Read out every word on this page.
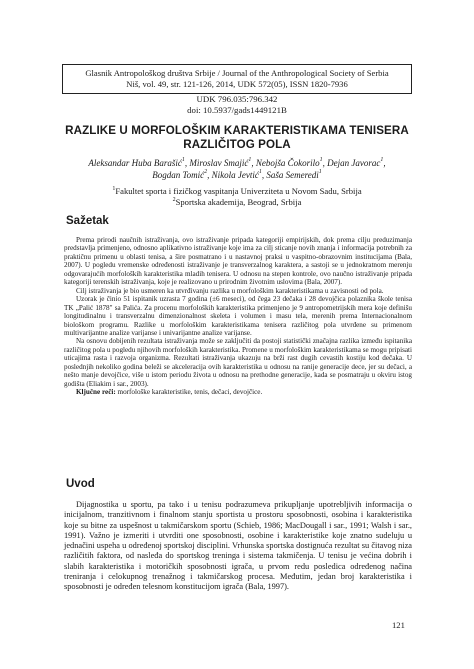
Glasnik Antropološkog društva Srbije / Journal of the Anthropological Society of Serbia
Niš, vol. 49, str. 121-126, 2014, UDK 572(05), ISSN 1820-7936
UDK 796.035:796.342
doi: 10.5937/gads1449121B
RAZLIKE U MORFOLOŠKIM KARAKTERISTIKAMA TENISERA
RAZLIČITOG POLA
Aleksandar Huba Barašić$^1$, Miroslav Smajić$^1$, Nebojša Čokorilo$^1$, Dejan Javorac$^1$,
Bogdan Tomić$^2$, Nikola Jevtić$^1$, Saša Semeredi$^1$
$^1$Fakultet sporta i fizičkog vaspitanja Univerziteta u Novom Sadu, Srbija
$^2$Sportska akademija, Beograd, Srbija
Sažetak

Prema prirodi naučnih istraživanja, ovo istraživanje pripada kategoriji empirijskih, dok prema cilju preduzimanja predstavlja primenjeno, odnosno aplikativno istraživanje koje ima za cilj sticanje novih znanja i informacija potrebnih za praktičnu primenu u oblasti tenisa, a šire posmatrano i u nastavnoj praksi u vaspitno-obrazovnim institucijama (Bala, 2007). U pogledu vremenske određenosti istraživanje je transverzalnog karaktera, a sastoji se u jednokratnom merenju odgovarajućih morfoloških karakteristika mladih tenisera. U odnosu na stepen kontrole, ovo naučno istraživanje pripada kategoriji terenskih istraživanja, koje je realizovano u prirodnim životnim uslovima (Bala, 2007).

Cilj istraživanja je bio usmeren ka utvrđivanju razlika u morfološkim karakteristikama u zavisnosti od pola.

Uzorak je činio 51 ispitanik uzrasta 7 godina (±6 meseci), od čega 23 dečaka i 28 devojčica polaznika škole tenisa TK „Palić 1878" sa Palića. Za procenu morfoloških karakteristika primenjeno je 9 antropometrijskih mera koje definišu longitudinalnu i transverzalnu dimenzionalnost skeleta i volumen i masu tela, merenih prema Internacionalnom biološkom programu. Razlike u morfološkim karakteristikama tenisera različitog pola utvrđene su primenom multivarijantne analize varijanse i univarijantne analize varijanse.

Na osnovu dobijenih rezultata istraživanja može se zaključiti da postoji statistički značajna razlika između ispitanika različitog pola u pogledu njihovih morfoloških karakteristika. Promene u morfološkim karakteristikama se mogu pripisati uticajima rasta i razvoja organizma. Rezultati istraživanja ukazuju na brži rast dugih cevastih kostiju kod dečaka. U poslednjih nekoliko godina beleži se akceleracija ovih karakteristika u odnosu na ranije generacije dece, jer su dečaci, a nešto manje devojčice, više u istom periodu života u odnosu na prethodne generacije, kada se posmatraju u okviru istog godišta (Eliakim i sar., 2003).

Ključne reči: morfološke karakteristike, tenis, dečaci, devojčice.

Uvod

Dijagnostika u sportu, pa tako i u tenisu podrazumeva prikupljanje upotrebljivih informacija o inicijalnom, tranzitivnom i finalnom stanju sportista u prostoru sposobnosti, osobina i karakteristika koje su bitne za uspešnost u takmičarskom sportu (Schieb, 1986; MacDougall i sar., 1991; Walsh i sar., 1991). Važno je izmeriti i utvrditi one sposobnosti, osobine i karakteristike koje znatno sudeluju u jednačini uspeha u određenoj sportskoj disciplini. Vrhunska sportska dostignuća rezultat su čitavog niza različitih faktora, od nasleđa do sportskog treninga i sistema takmičenja. U tenisu je većina dobrih i slabih karakteristika i motoričkih sposobnosti igrača, u prvom redu posledica određenog načina treniranja i celokupnog trenažnog i takmičarskog procesa. Međutim, jedan broj karakteristika i sposobnosti je određen telesnom konstitucijom igrača (Bala, 1997).

121
